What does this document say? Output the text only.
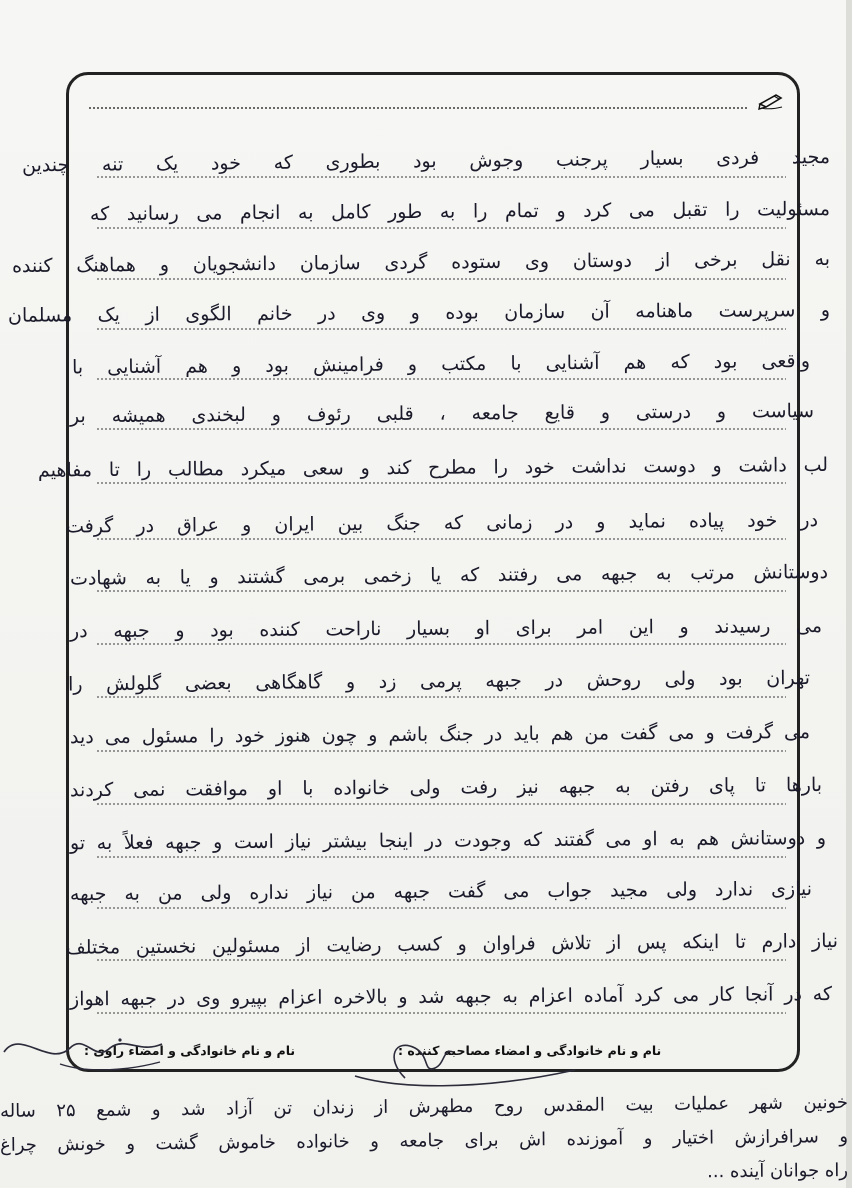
مجید فردی بسیار پرجنب وجوش بود بطوری که خود یک تنه چندین
مسئولیت را تقبل می کرد و تمام را به طور کامل به انجام می رسانید که
به نقل برخی از دوستان وی ستوده گردی سازمان دانشجویان و هماهنگ کننده
و سرپرست ماهنامه آن سازمان بوده و وی در خانم الگوی از یک مسلمان
واقعی بود که هم آشنایی با مکتب و فرامینش بود و هم آشنایی با
سیاست و درستی و قایع جامعه ، قلبی رئوف و لبخندی همیشه بر
لب داشت و دوست نداشت خود را مطرح کند و سعی میکرد مطالب را تا مفاهیم
در خود پیاده نماید و در زمانی که جنگ بین ایران و عراق در گرفت
دوستانش مرتب به جبهه می رفتند که یا زخمی برمی گشتند و یا به شهادت
می رسیدند و این امر برای او بسیار ناراحت کننده بود و جبهه در
تهران بود ولی روحش در جبهه پرمی زد و گاهگاهی بعضی گلولش را
می گرفت و می گفت من هم باید در جنگ باشم و چون هنوز خود را مسئول می دید
بارها تا پای رفتن به جبهه نیز رفت ولی خانواده با او موافقت نمی کردند
و دوستانش هم به او می گفتند که وجودت در اینجا بیشتر نیاز است و جبهه فعلاً به تو
نیازی ندارد ولی مجید جواب می گفت جبهه من نیاز نداره ولی من به جبهه
نیاز دارم تا اینکه پس از تلاش فراوان و کسب رضایت از مسئولین نخستین مختلف
که در آنجا کار می کرد آماده اعزام به جبهه شد و بالاخره اعزام بپیرو وی در جبهه اهواز
نام و نام خانوادگی و امضاء مصاحبه کننده :
نام و نام خانوادگی و امضاء راوی :
خونین شهر عملیات بیت المقدس روح مطهرش از زندان تن آزاد شد و شمع ۲۵ ساله
و سرافرازش اختیار و آموزنده اش برای جامعه و خانواده خاموش گشت و خونش چراغ
راه جوانان آینده ...
